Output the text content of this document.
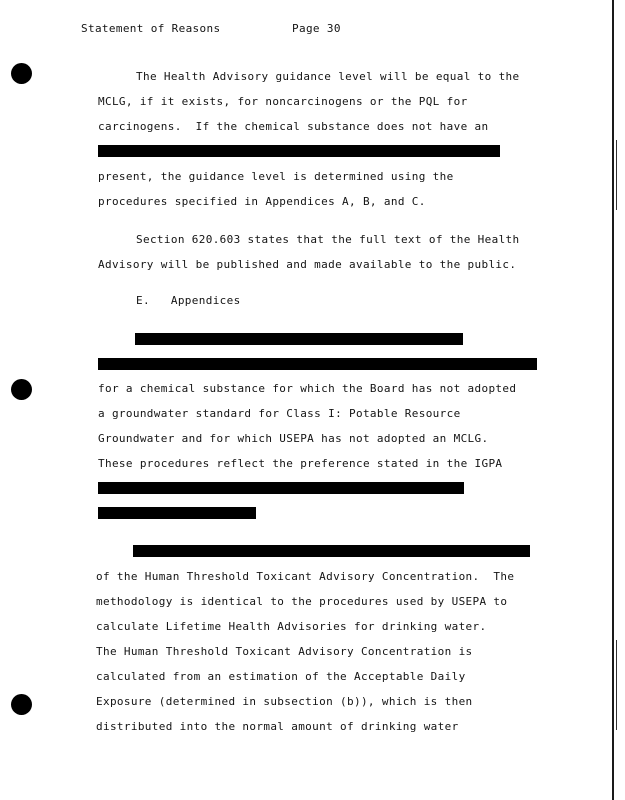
Statement of Reasons	Page 30
The Health Advisory guidance level will be equal to the
MCLG, if it exists, for noncarcinogens or the PQL for
carcinogens.  If the chemical substance does not have an
present, the guidance level is determined using the
procedures specified in Appendices A, B, and C.
Section 620.603 states that the full text of the Health
Advisory will be published and made available to the public.
E.   Appendices
for a chemical substance for which the Board has not adopted
a groundwater standard for Class I: Potable Resource
Groundwater and for which USEPA has not adopted an MCLG.
These procedures reflect the preference stated in the IGPA
of the Human Threshold Toxicant Advisory Concentration.  The
methodology is identical to the procedures used by USEPA to
calculate Lifetime Health Advisories for drinking water.
The Human Threshold Toxicant Advisory Concentration is
calculated from an estimation of the Acceptable Daily
Exposure (determined in subsection (b)), which is then
distributed into the normal amount of drinking water
